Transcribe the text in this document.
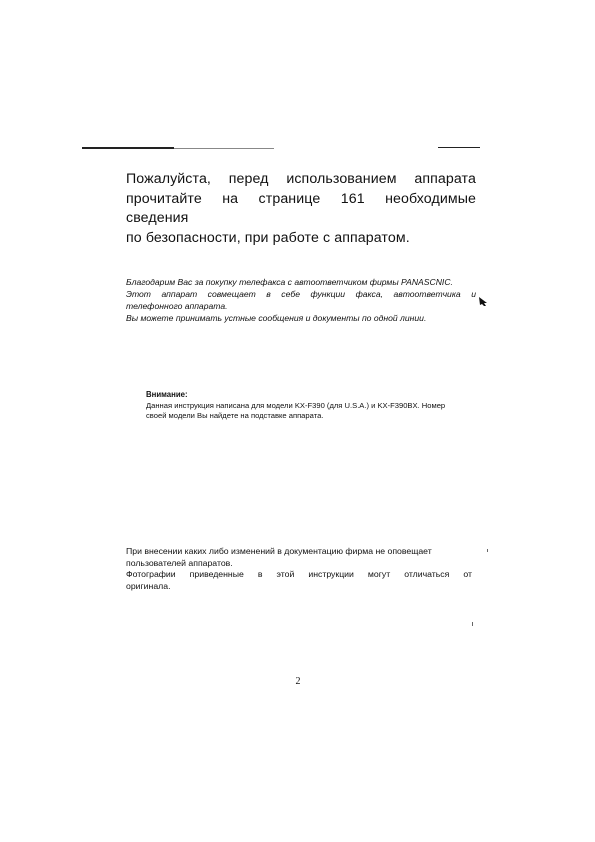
Пожалуйста, перед использованием аппарата
прочитайте на странице 161 необходимые сведения
по безопасности, при работе с аппаратом.
Благодарим Вас за покупку телефакса с автоответчиком фирмы PANASCNIC.
Этот аппарат совмещает в себе функции факса, автоответчика и
телефонного аппарата.
Вы можете принимать устные сообщения и документы по одной линии.
Внимание:
Данная инструкция написана для модели KX-F390 (для U.S.A.) и KX-F390BX. Номер
своей модели Вы найдете на подставке аппарата.
При внесении каких либо изменений в документацию фирма не оповещает
пользователей аппаратов.
Фотографии приведенные в этой инструкции могут отличаться от
оригинала.
2
